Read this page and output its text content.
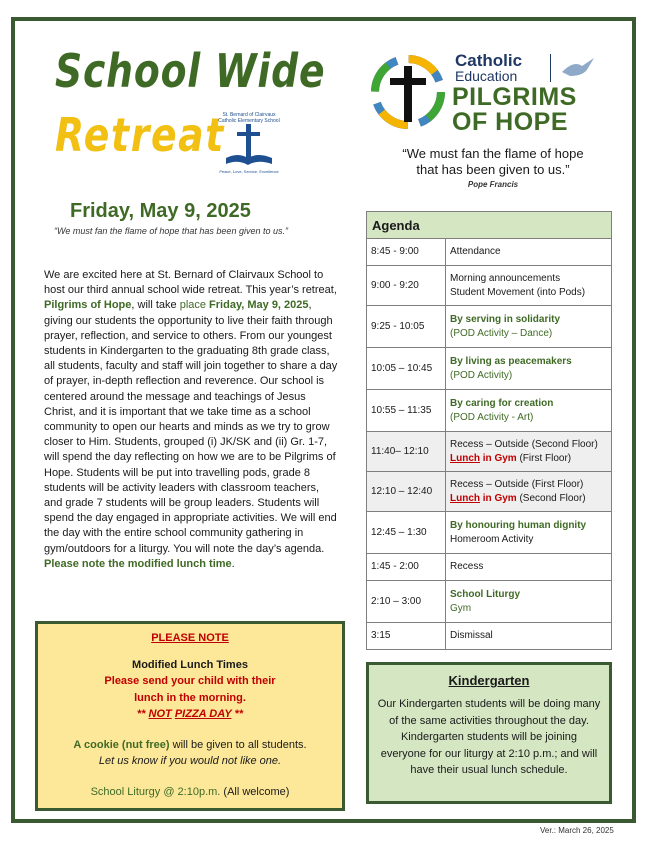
School Wide
Retreat
St. Bernard of Clairvaux Catholic Elementary School
Peace, Love, Service, Excellence
Friday, May 9, 2025
“We must fan the flame of hope that has been given to us.”
We are excited here at St. Bernard of Clairvaux School to host our third annual school wide retreat. This year’s retreat, Pilgrims of Hope, will take place Friday, May 9, 2025, giving our students the opportunity to live their faith through prayer, reflection, and service to others. From our youngest students in Kindergarten to the graduating 8th grade class, all students, faculty and staff will join together to share a day of prayer, in-depth reflection and reverence. Our school is centered around the message and teachings of Jesus Christ, and it is important that we take time as a school community to open our hearts and minds as we try to grow closer to Him. Students, grouped (i) JK/SK and (ii) Gr. 1-7, will spend the day reflecting on how we are to be Pilgrims of Hope. Students will be put into travelling pods, grade 8 students will be activity leaders with classroom teachers, and grade 7 students will be group leaders. Students will spend the day engaged in appropriate activities. We will end the day with the entire school community gathering in gym/outdoors for a liturgy. You will note the day’s agenda. Please note the modified lunch time.
PLEASE NOTE
Modified Lunch Times
Please send your child with their
lunch in the morning.
** NOT PIZZA DAY **
A cookie (nut free) will be given to all students.
Let us know if you would not like one.
School Liturgy @ 2:10p.m. (All welcome)
Catholic
Education
PILGRIMS
OF HOPE
“We must fan the flame of hope
that has been given to us.”
Pope Francis
Agenda	
8:45 - 9:00	Attendance
9:00 - 9:20	Morning announcements
Student Movement (into Pods)

9:25 - 10:05	By serving in solidarity
(POD Activity – Dance)

10:05 – 10:45	By living as peacemakers
(POD Activity)

10:55 – 11:35	By caring for creation
(POD Activity - Art)

11:40– 12:10	Recess – Outside (Second Floor)
Lunch in Gym (First Floor)

12:10 – 12:40	Recess – Outside (First Floor)
Lunch in Gym (Second Floor)

12:45 – 1:30	By honouring human dignity
Homeroom Activity

1:45 - 2:00	Recess
2:10 – 3:00	School Liturgy
Gym

3:15	Dismissal
Kindergarten
Our Kindergarten students will be doing many of the same activities throughout the day. Kindergarten students will be joining everyone for our liturgy at 2:10 p.m.; and will have their usual lunch schedule.
Ver.: March 26, 2025
